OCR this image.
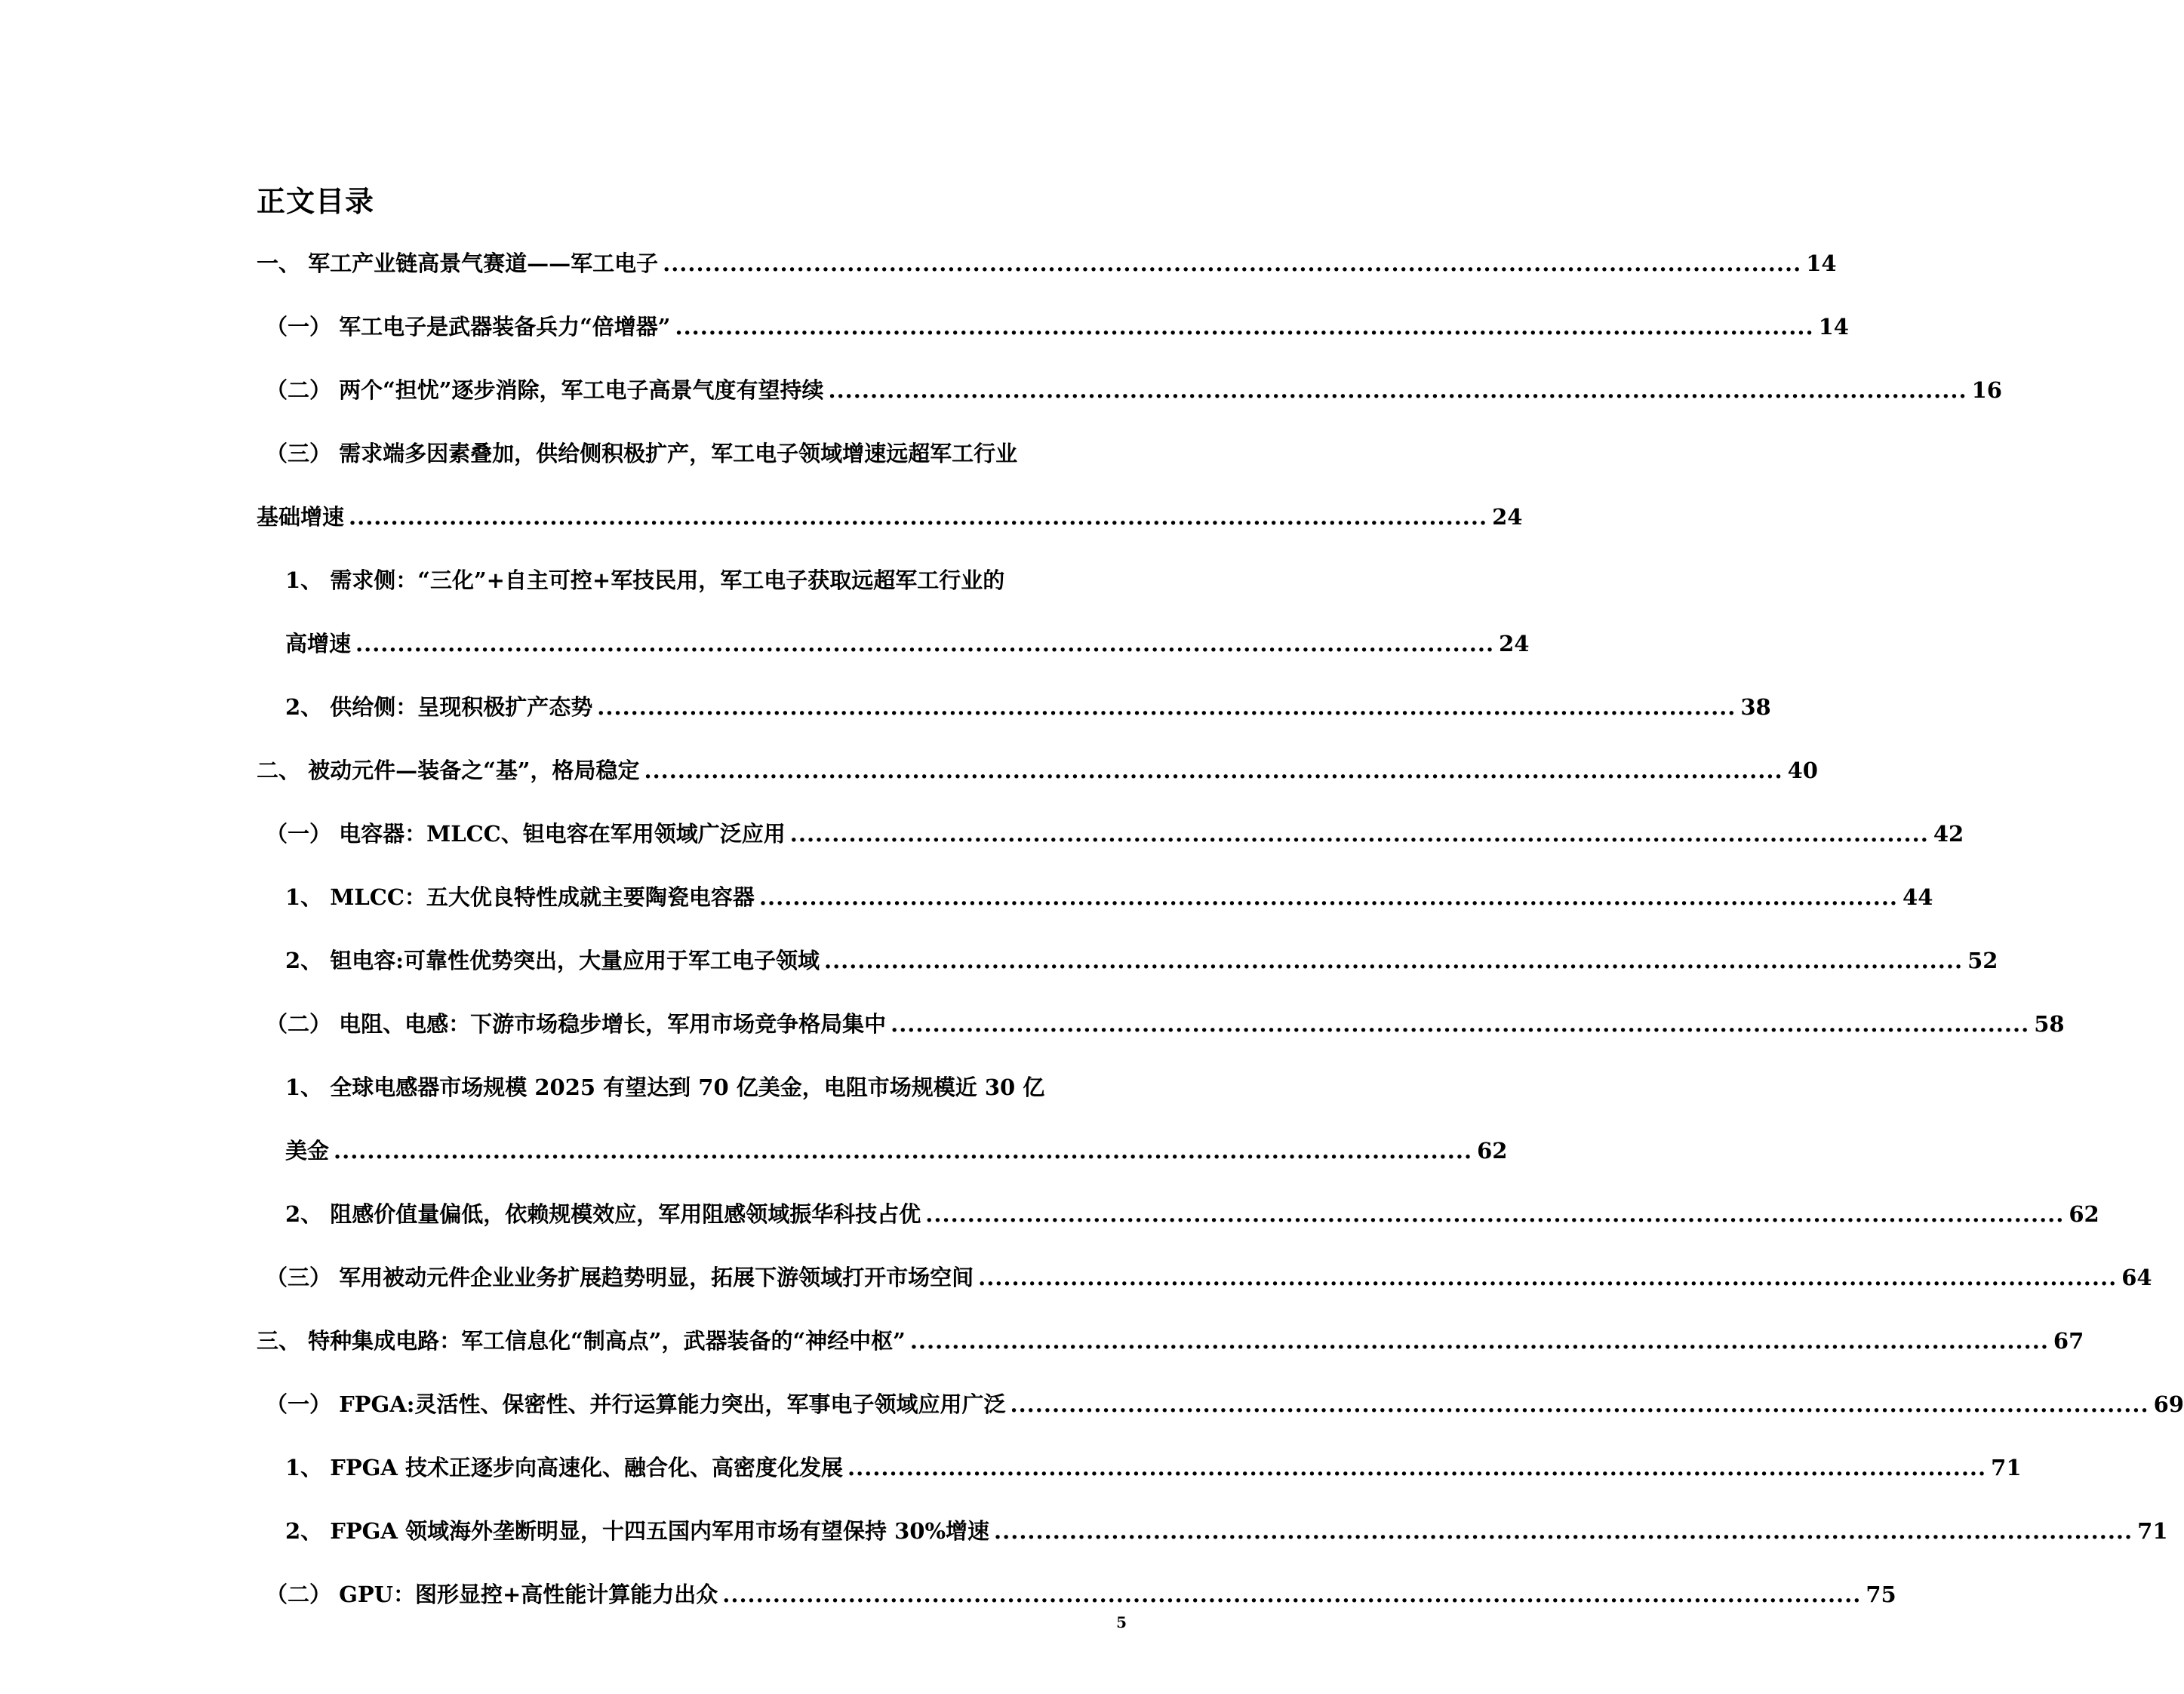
正文目录
一、 军工产业链高景气赛道——军工电子 ........................................................................................................................................ 14
（一） 军工电子是武器装备兵力“倍增器” ........................................................................................................................................ 14
（二） 两个“担忧”逐步消除，军工电子高景气度有望持续 ........................................................................................................................................ 16
（三） 需求端多因素叠加，供给侧积极扩产，军工电子领域增速远超军工行业
基础增速 ........................................................................................................................................ 24
1、 需求侧：“三化”+自主可控+军技民用，军工电子获取远超军工行业的
高增速 ........................................................................................................................................ 24
2、 供给侧：呈现积极扩产态势 ........................................................................................................................................ 38
二、 被动元件—装备之“基”，格局稳定 ........................................................................................................................................ 40
（一） 电容器：MLCC、钽电容在军用领域广泛应用 ........................................................................................................................................ 42
1、 MLCC：五大优良特性成就主要陶瓷电容器 ........................................................................................................................................ 44
2、 钽电容:可靠性优势突出，大量应用于军工电子领域 ........................................................................................................................................ 52
（二） 电阻、电感：下游市场稳步增长，军用市场竞争格局集中 ........................................................................................................................................ 58
1、 全球电感器市场规模 2025 有望达到 70 亿美金，电阻市场规模近 30 亿
美金 ........................................................................................................................................ 62
2、 阻感价值量偏低，依赖规模效应，军用阻感领域振华科技占优 ........................................................................................................................................ 62
（三） 军用被动元件企业业务扩展趋势明显，拓展下游领域打开市场空间 ........................................................................................................................................ 64
三、 特种集成电路：军工信息化“制高点”，武器装备的“神经中枢” ........................................................................................................................................ 67
（一） FPGA:灵活性、保密性、并行运算能力突出，军事电子领域应用广泛 ........................................................................................................................................ 69
1、 FPGA 技术正逐步向高速化、融合化、高密度化发展 ........................................................................................................................................ 71
2、 FPGA 领域海外垄断明显，十四五国内军用市场有望保持 30%增速 ........................................................................................................................................ 71
（二） GPU：图形显控+高性能计算能力出众 ........................................................................................................................................ 75
5
